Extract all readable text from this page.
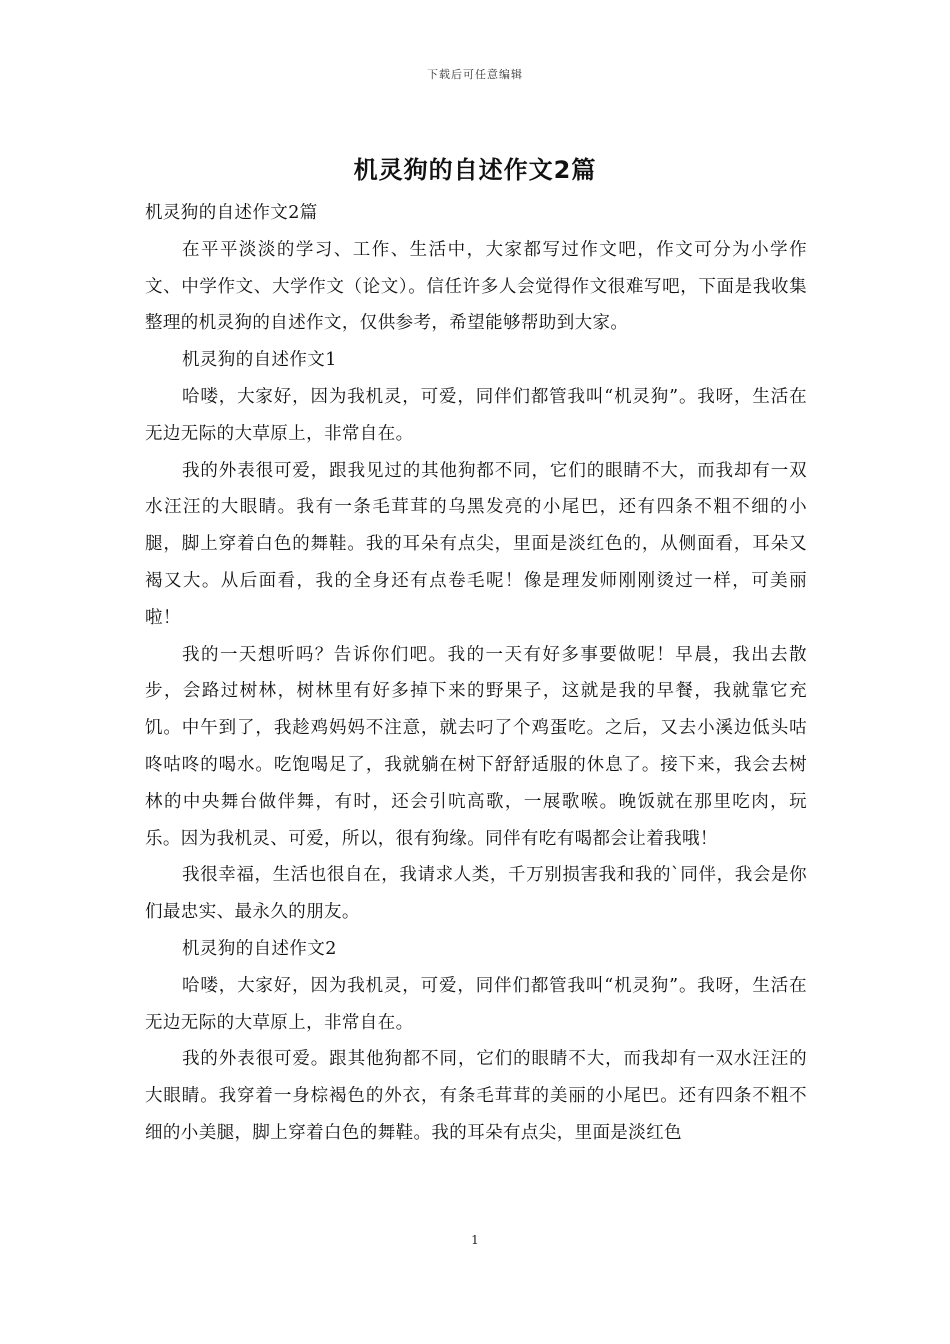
下载后可任意编辑
机灵狗的自述作文2篇

机灵狗的自述作文2篇

在平平淡淡的学习、工作、生活中，大家都写过作文吧，作文可分为小学作文、中学作文、大学作文（论文）。信任许多人会觉得作文很难写吧，下面是我收集整理的机灵狗的自述作文，仅供参考，希望能够帮助到大家。

机灵狗的自述作文1

哈喽，大家好，因为我机灵，可爱，同伴们都管我叫“机灵狗”。我呀，生活在无边无际的大草原上，非常自在。

我的外表很可爱，跟我见过的其他狗都不同，它们的眼睛不大，而我却有一双水汪汪的大眼睛。我有一条毛茸茸的乌黑发亮的小尾巴，还有四条不粗不细的小腿，脚上穿着白色的舞鞋。我的耳朵有点尖，里面是淡红色的，从侧面看，耳朵又褐又大。从后面看，我的全身还有点卷毛呢！像是理发师刚刚烫过一样，可美丽啦！

我的一天想听吗？告诉你们吧。我的一天有好多事要做呢！早晨，我出去散步，会路过树林，树林里有好多掉下来的野果子，这就是我的早餐，我就靠它充饥。中午到了，我趁鸡妈妈不注意，就去叼了个鸡蛋吃。之后，又去小溪边低头咕咚咕咚的喝水。吃饱喝足了，我就躺在树下舒舒适服的休息了。接下来，我会去树林的中央舞台做伴舞，有时，还会引吭高歌，一展歌喉。晚饭就在那里吃肉，玩乐。因为我机灵、可爱，所以，很有狗缘。同伴有吃有喝都会让着我哦！

我很幸福，生活也很自在，我请求人类，千万别损害我和我的`同伴，我会是你们最忠实、最永久的朋友。

机灵狗的自述作文2

哈喽，大家好，因为我机灵，可爱，同伴们都管我叫“机灵狗”。我呀，生活在无边无际的大草原上，非常自在。

我的外表很可爱。跟其他狗都不同，它们的眼睛不大，而我却有一双水汪汪的大眼睛。我穿着一身棕褐色的外衣，有条毛茸茸的美丽的小尾巴。还有四条不粗不细的小美腿，脚上穿着白色的舞鞋。我的耳朵有点尖，里面是淡红色

1
